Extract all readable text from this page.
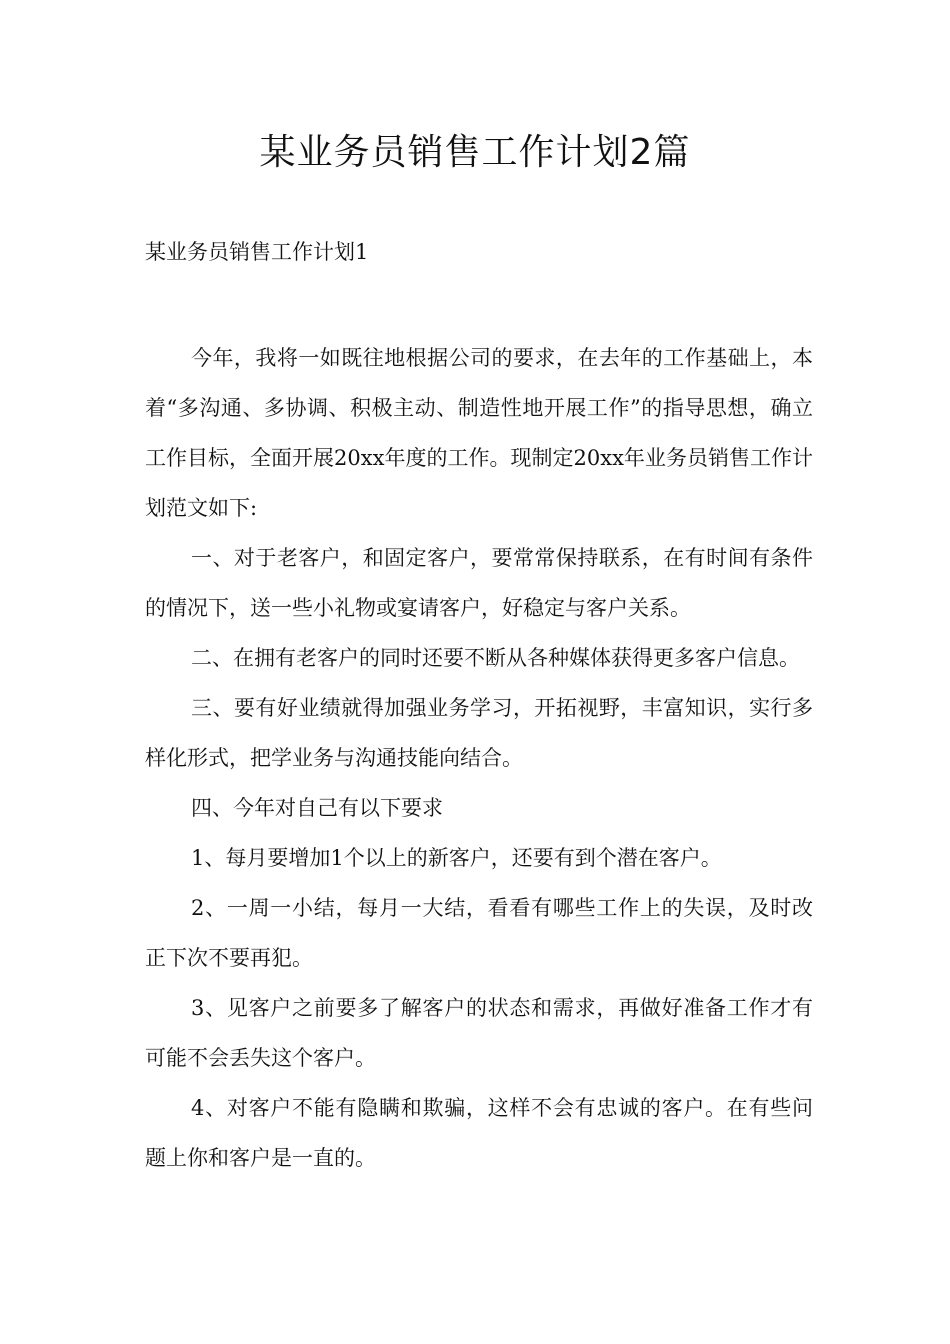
某业务员销售工作计划2篇

某业务员销售工作计划1

今年，我将一如既往地根据公司的要求，在去年的工作基础上，本着“多沟通、多协调、积极主动、制造性地开展工作”的指导思想，确立工作目标，全面开展20xx年度的工作。现制定20xx年业务员销售工作计划范文如下:

一、对于老客户，和固定客户，要常常保持联系，在有时间有条件的情况下，送一些小礼物或宴请客户，好稳定与客户关系。

二、在拥有老客户的同时还要不断从各种媒体获得更多客户信息。

三、要有好业绩就得加强业务学习，开拓视野，丰富知识，实行多样化形式，把学业务与沟通技能向结合。

四、今年对自己有以下要求

1、每月要增加1个以上的新客户，还要有到个潜在客户。

2、一周一小结，每月一大结，看看有哪些工作上的失误，及时改正下次不要再犯。

3、见客户之前要多了解客户的状态和需求，再做好准备工作才有可能不会丢失这个客户。

4、对客户不能有隐瞒和欺骗，这样不会有忠诚的客户。在有些问题上你和客户是一直的。
